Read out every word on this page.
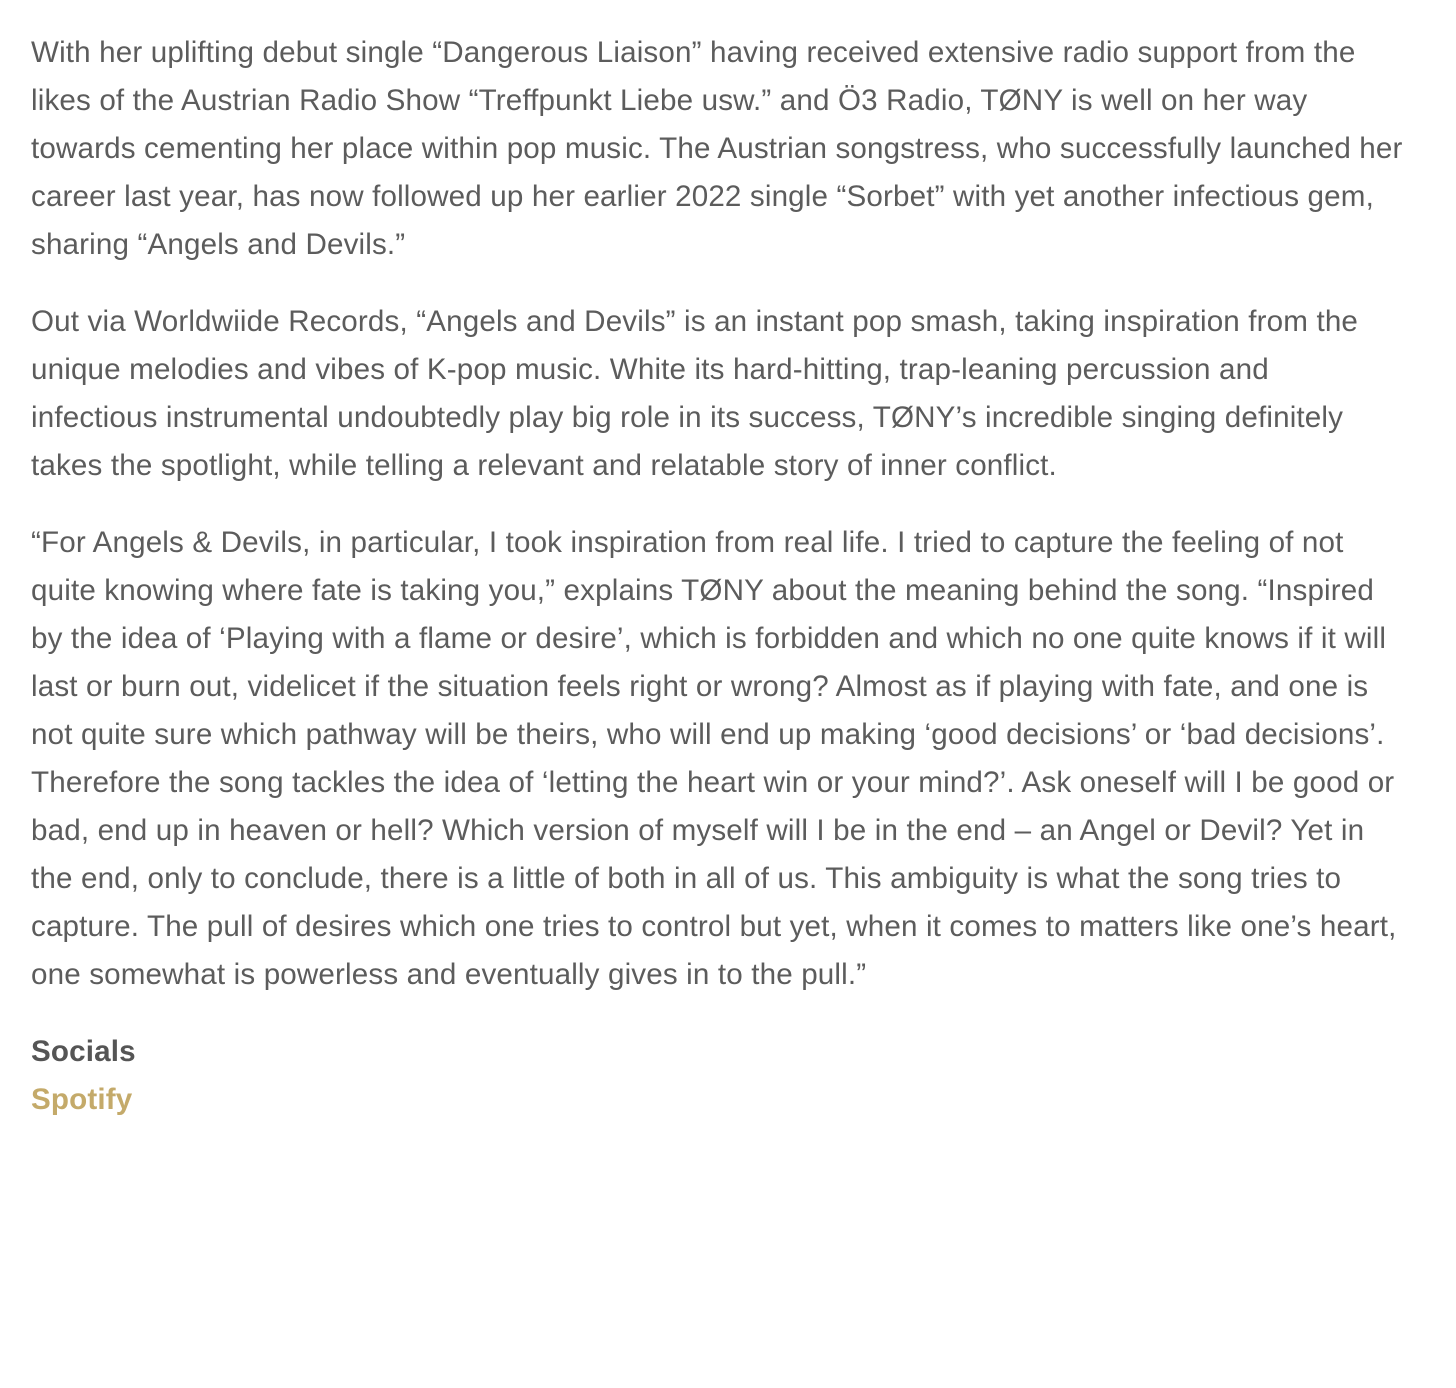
With her uplifting debut single “Dangerous Liaison” having received extensive radio support from the likes of the Austrian Radio Show “Treffpunkt Liebe usw.” and Ö3 Radio, TØNY is well on her way towards cementing her place within pop music. The Austrian songstress, who successfully launched her career last year, has now followed up her earlier 2022 single “Sorbet” with yet another infectious gem, sharing “Angels and Devils.”

Out via Worldwiide Records, “Angels and Devils” is an instant pop smash, taking inspiration from the unique melodies and vibes of K-pop music. White its hard-hitting, trap-leaning percussion and infectious instrumental undoubtedly play big role in its success, TØNY’s incredible singing definitely takes the spotlight, while telling a relevant and relatable story of inner conflict.

“For Angels & Devils, in particular, I took inspiration from real life. I tried to capture the feeling of not quite knowing where fate is taking you,” explains TØNY about the meaning behind the song. “Inspired by the idea of ‘Playing with a flame or desire’, which is forbidden and which no one quite knows if it will last or burn out, videlicet if the situation feels right or wrong? Almost as if playing with fate, and one is not quite sure which pathway will be theirs, who will end up making ‘good decisions’ or ‘bad decisions’. Therefore the song tackles the idea of ‘letting the heart win or your mind?’. Ask oneself will I be good or bad, end up in heaven or hell? Which version of myself will I be in the end – an Angel or Devil? Yet in the end, only to conclude, there is a little of both in all of us. This ambiguity is what the song tries to capture. The pull of desires which one tries to control but yet, when it comes to matters like one’s heart, one somewhat is powerless and eventually gives in to the pull.”

Socials
Spotify
